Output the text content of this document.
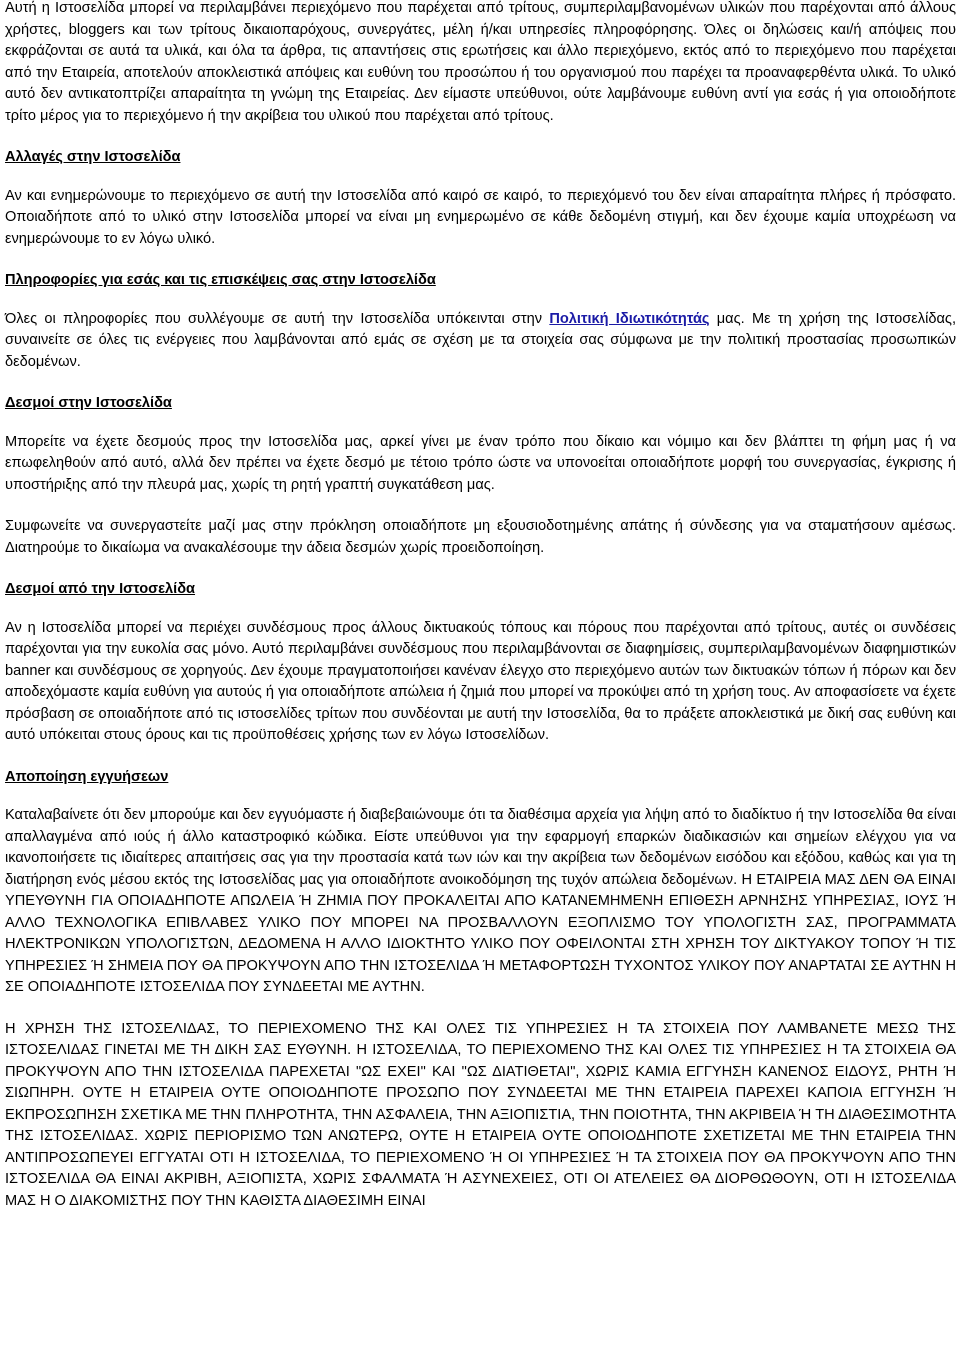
Αυτή η Ιστοσελίδα μπορεί να περιλαμβάνει περιεχόμενο που παρέχεται από τρίτους, συμπεριλαμβανομένων υλικών που παρέχονται από άλλους χρήστες, bloggers και των τρίτους δικαιοπαρόχους, συνεργάτες, μέλη ή/και υπηρεσίες πληροφόρησης. Όλες οι δηλώσεις και/ή απόψεις που εκφράζονται σε αυτά τα υλικά, και όλα τα άρθρα, τις απαντήσεις στις ερωτήσεις και άλλο περιεχόμενο, εκτός από το περιεχόμενο που παρέχεται από την Εταιρεία, αποτελούν αποκλειστικά απόψεις και ευθύνη του προσώπου ή του οργανισμού που παρέχει τα προαναφερθέντα υλικά. Το υλικό αυτό δεν αντικατοπτρίζει απαραίτητα τη γνώμη της Εταιρείας. Δεν είμαστε υπεύθυνοι, ούτε λαμβάνουμε ευθύνη αντί για εσάς ή για οποιοδήποτε τρίτο μέρος για το περιεχόμενο ή την ακρίβεια του υλικού που παρέχεται από τρίτους.

Αλλαγές στην Ιστοσελίδα

Αν και ενημερώνουμε το περιεχόμενο σε αυτή την Ιστοσελίδα από καιρό σε καιρό, το περιεχόμενό του δεν είναι απαραίτητα πλήρες ή πρόσφατο. Οποιαδήποτε από το υλικό στην Ιστοσελίδα μπορεί να είναι μη ενημερωμένο σε κάθε δεδομένη στιγμή, και δεν έχουμε καμία υποχρέωση να ενημερώνουμε το εν λόγω υλικό.

Πληροφορίες για εσάς και τις επισκέψεις σας στην Ιστοσελίδα

Όλες οι πληροφορίες που συλλέγουμε σε αυτή την Ιστοσελίδα υπόκεινται στην Πολιτική Ιδιωτικότητάς μας. Με τη χρήση της Ιστοσελίδας, συναινείτε σε όλες τις ενέργειες που λαμβάνονται από εμάς σε σχέση με τα στοιχεία σας σύμφωνα με την πολιτική προστασίας προσωπικών δεδομένων.

Δεσμοί στην Ιστοσελίδα

Μπορείτε να έχετε δεσμούς προς την Ιστοσελίδα μας, αρκεί γίνει με έναν τρόπο που δίκαιο και νόμιμο και δεν βλάπτει τη φήμη μας ή να επωφεληθούν από αυτό, αλλά δεν πρέπει να έχετε δεσμό με τέτοιο τρόπο ώστε να υπονοείται οποιαδήποτε μορφή του συνεργασίας, έγκρισης ή υποστήριξης από την πλευρά μας, χωρίς τη ρητή γραπτή συγκατάθεση μας.

Συμφωνείτε να συνεργαστείτε μαζί μας στην πρόκληση οποιαδήποτε μη εξουσιοδοτημένης απάτης ή σύνδεσης για να σταματήσουν αμέσως. Διατηρούμε το δικαίωμα να ανακαλέσουμε την άδεια δεσμών χωρίς προειδοποίηση.

Δεσμοί από την Ιστοσελίδα

Αν η Ιστοσελίδα μπορεί να περιέχει συνδέσμους προς άλλους δικτυακούς τόπους και πόρους που παρέχονται από τρίτους, αυτές οι συνδέσεις παρέχονται για την ευκολία σας μόνο. Αυτό περιλαμβάνει συνδέσμους που περιλαμβάνονται σε διαφημίσεις, συμπεριλαμβανομένων διαφημιστικών banner και συνδέσμους σε χορηγούς. Δεν έχουμε πραγματοποιήσει κανέναν έλεγχο στο περιεχόμενο αυτών των δικτυακών τόπων ή πόρων και δεν αποδεχόμαστε καμία ευθύνη για αυτούς ή για οποιαδήποτε απώλεια ή ζημιά που μπορεί να προκύψει από τη χρήση τους. Αν αποφασίσετε να έχετε πρόσβαση σε οποιαδήποτε από τις ιστοσελίδες τρίτων που συνδέονται με αυτή την Ιστοσελίδα, θα το πράξετε αποκλειστικά με δική σας ευθύνη και αυτό υπόκειται στους όρους και τις προϋποθέσεις χρήσης των εν λόγω Ιστοσελίδων.

Αποποίηση εγγυήσεων

Καταλαβαίνετε ότι δεν μπορούμε και δεν εγγυόμαστε ή διαβεβαιώνουμε ότι τα διαθέσιμα αρχεία για λήψη από το διαδίκτυο ή την Ιστοσελίδα θα είναι απαλλαγμένα από ιούς ή άλλο καταστροφικό κώδικα. Είστε υπεύθυνοι για την εφαρμογή επαρκών διαδικασιών και σημείων ελέγχου για να ικανοποιήσετε τις ιδιαίτερες απαιτήσεις σας για την προστασία κατά των ιών και την ακρίβεια των δεδομένων εισόδου και εξόδου, καθώς και για τη διατήρηση ενός μέσου εκτός της Ιστοσελίδας μας για οποιαδήποτε ανοικοδόμηση της τυχόν απώλεια δεδομένων. Η ΕΤΑΙΡΕΙΑ ΜΑΣ ΔΕΝ ΘΑ ΕΙΝΑΙ ΥΠΕΥΘΥΝΗ ΓΙΑ ΟΠΟΙΑΔΗΠΟΤΕ ΑΠΩΛΕΙΑ Ή ΖΗΜΙΑ ΠΟΥ ΠΡΟΚΑΛΕΙΤΑΙ ΑΠΟ ΚΑΤΑΝΕΜΗΜΕΝΗ ΕΠΙΘΕΣΗ ΑΡΝΗΣΗΣ ΥΠΗΡΕΣΙΑΣ, ΙΟΥΣ Ή ΑΛΛΟ ΤΕΧΝΟΛΟΓΙΚΑ ΕΠΙΒΛΑΒΕΣ ΥΛΙΚΟ ΠΟΥ ΜΠΟΡΕΙ ΝΑ ΠΡΟΣΒΑΛΛΟΥΝ ΕΞΟΠΛΙΣΜΟ ΤΟΥ ΥΠΟΛΟΓΙΣΤΗ ΣΑΣ, ΠΡΟΓΡΑΜΜΑΤΑ ΗΛΕΚΤΡΟΝΙΚΩΝ ΥΠΟΛΟΓΙΣΤΩΝ, ΔΕΔΟΜΕΝΑ Η ΑΛΛΟ ΙΔΙΟΚΤΗΤΟ ΥΛΙΚΟ ΠΟΥ ΟΦΕΙΛΟΝΤΑΙ ΣΤΗ ΧΡΗΣΗ ΤΟΥ ΔΙΚΤΥΑΚΟΥ ΤΟΠΟΥ Ή ΤΙΣ ΥΠΗΡΕΣΙΕΣ Ή ΣΗΜΕΙΑ ΠΟΥ ΘΑ ΠΡΟΚΥΨΟΥΝ ΑΠΟ ΤΗΝ ΙΣΤΟΣΕΛΙΔΑ Ή ΜΕΤΑΦΟΡΤΩΣΗ ΤΥΧΟΝΤΟΣ ΥΛΙΚΟΥ ΠΟΥ ΑΝΑΡΤΑΤΑΙ ΣΕ ΑΥΤΗΝ Η ΣΕ ΟΠΟΙΑΔΗΠΟΤΕ ΙΣΤΟΣΕΛΙΔΑ ΠΟΥ ΣΥΝΔΕΕΤΑΙ ΜΕ ΑΥΤΗΝ.

Η ΧΡΗΣΗ ΤΗΣ ΙΣΤΟΣΕΛΙΔΑΣ, ΤΟ ΠΕΡΙΕΧΟΜΕΝΟ ΤΗΣ ΚΑΙ ΟΛΕΣ ΤΙΣ ΥΠΗΡΕΣΙΕΣ Η ΤΑ ΣΤΟΙΧΕΙΑ ΠΟΥ ΛΑΜΒΑΝΕΤΕ ΜΕΣΩ ΤΗΣ ΙΣΤΟΣΕΛΙΔΑΣ ΓΙΝΕΤΑΙ ΜΕ ΤΗ ΔΙΚΗ ΣΑΣ ΕΥΘΥΝΗ. Η ΙΣΤΟΣΕΛΙΔΑ, ΤΟ ΠΕΡΙΕΧΟΜΕΝΟ ΤΗΣ ΚΑΙ ΟΛΕΣ ΤΙΣ ΥΠΗΡΕΣΙΕΣ Η ΤΑ ΣΤΟΙΧΕΙΑ ΘΑ ΠΡΟΚΥΨΟΥΝ ΑΠΟ ΤΗΝ ΙΣΤΟΣΕΛΙΔΑ ΠΑΡΕΧΕΤΑΙ "ΩΣ ΕΧΕΙ" ΚΑΙ "ΩΣ ΔΙΑΤΙΘΕΤΑΙ", ΧΩΡΙΣ ΚΑΜΙΑ ΕΓΓΥΗΣΗ ΚΑΝΕΝΟΣ ΕΙΔΟΥΣ, ΡΗΤΗ Ή ΣΙΩΠΗΡΗ. ΟΥΤΕ Η ΕΤΑΙΡΕΙΑ ΟΥΤΕ ΟΠΟΙΟΔΗΠΟΤΕ ΠΡΟΣΩΠΟ ΠΟΥ ΣΥΝΔΕΕΤΑΙ ΜΕ ΤΗΝ ΕΤΑΙΡΕΙΑ ΠΑΡΕΧΕΙ ΚΑΠΟΙΑ ΕΓΓΥΗΣΗ Ή ΕΚΠΡΟΣΩΠΗΣΗ ΣΧΕΤΙΚΑ ΜΕ ΤΗΝ ΠΛΗΡΟΤΗΤΑ, ΤΗΝ ΑΣΦΑΛΕΙΑ, ΤΗΝ ΑΞΙΟΠΙΣΤΙΑ, ΤΗΝ ΠΟΙΟΤΗΤΑ, ΤΗΝ ΑΚΡΙΒΕΙΑ Ή ΤΗ ΔΙΑΘΕΣΙΜΟΤΗΤΑ ΤΗΣ ΙΣΤΟΣΕΛΙΔΑΣ. ΧΩΡΙΣ ΠΕΡΙΟΡΙΣΜΟ ΤΩΝ ΑΝΩΤΕΡΩ, ΟΥΤΕ Η ΕΤΑΙΡΕΙΑ ΟΥΤΕ ΟΠΟΙΟΔΗΠΟΤΕ ΣΧΕΤΙΖΕΤΑΙ ΜΕ ΤΗΝ ΕΤΑΙΡΕΙΑ ΤΗΝ ΑΝΤΙΠΡΟΣΩΠΕΥΕΙ ΕΓΓΥΑΤΑΙ ΟΤΙ Η ΙΣΤΟΣΕΛΙΔΑ, ΤΟ ΠΕΡΙΕΧΟΜΕΝΟ Ή ΟΙ ΥΠΗΡΕΣΙΕΣ Ή ΤΑ ΣΤΟΙΧΕΙΑ ΠΟΥ ΘΑ ΠΡΟΚΥΨΟΥΝ ΑΠΟ ΤΗΝ ΙΣΤΟΣΕΛΙΔΑ ΘΑ ΕΙΝΑΙ ΑΚΡΙΒΗ, ΑΞΙΟΠΙΣΤΑ, ΧΩΡΙΣ ΣΦΑΛΜΑΤΑ Ή ΑΣΥΝΕΧΕΙΕΣ, ΟΤΙ ΟΙ ΑΤΕΛΕΙΕΣ ΘΑ ΔΙΟΡΘΩΘΟΥΝ, ΟΤΙ Η ΙΣΤΟΣΕΛΙΔΑ ΜΑΣ Η Ο ΔΙΑΚΟΜΙΣΤΗΣ ΠΟΥ ΤΗΝ ΚΑΘΙΣΤΑ ΔΙΑΘΕΣΙΜΗ ΕΙΝΑΙ
